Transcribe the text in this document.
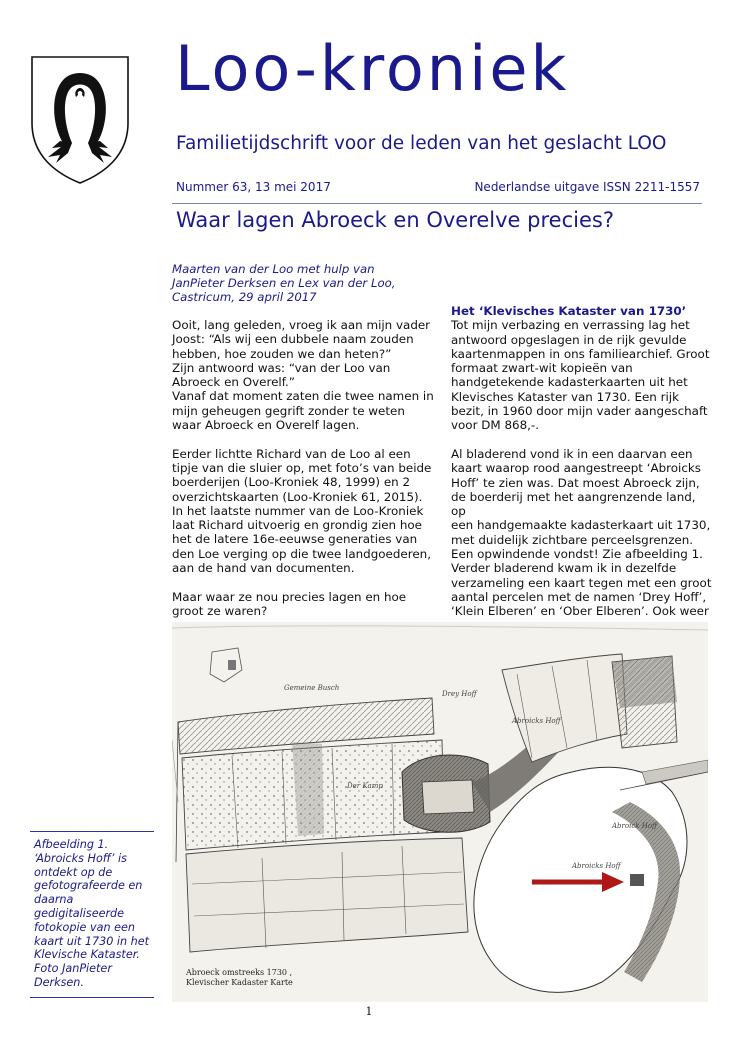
Loo-kroniek
Familietijdschrift voor de leden van het geslacht LOO
Nummer 63, 13 mei 2017	Nederlandse uitgave ISSN 2211-1557
Waar lagen Abroeck en Overelve precies?
Maarten van der Loo met hulp van
JanPieter Derksen en Lex van der Loo,
Castricum, 29 april 2017

Ooit, lang geleden, vroeg ik aan mijn vader
Joost: “Als wij een dubbele naam zouden
hebben, hoe zouden we dan heten?”
Zijn antwoord was: “van der Loo van
Abroeck en Overelf.”
Vanaf dat moment zaten die twee namen in
mijn geheugen gegrift zonder te weten
waar Abroeck en Overelf lagen.

Eerder lichtte Richard van de Loo al een
tipje van die sluier op, met foto’s van beide
boerderijen (Loo-Kroniek 48, 1999) en 2
overzichtskaarten (Loo-Kroniek 61, 2015).
In het laatste nummer van de Loo-Kroniek
laat Richard uitvoerig en grondig zien hoe
het de latere 16e-eeuwse generaties van
den Loe verging op die twee landgoederen,
aan de hand van documenten.

Maar waar ze nou precies lagen en hoe
groot ze waren?

Het ‘Klevisches Kataster van 1730’

Tot mijn verbazing en verrassing lag het
antwoord opgeslagen in de rijk gevulde
kaartenmappen in ons familiearchief. Groot
formaat zwart-wit kopieën van
handgetekende kadasterkaarten uit het
Klevisches Kataster van 1730. Een rijk
bezit, in 1960 door mijn vader aangeschaft
voor DM 868,-.

Al bladerend vond ik in een daarvan een
kaart waarop rood aangestreept ‘Abroicks
Hoff’ te zien was. Dat moest Abroeck zijn,
de boerderij met het aangrenzende land, op
een handgemaakte kadasterkaart uit 1730,
met duidelijk zichtbare perceelsgrenzen.
Een opwindende vondst! Zie afbeelding 1.
Verder bladerend kwam ik in dezelfde
verzameling een kaart tegen met een groot
aantal percelen met de namen ‘Drey Hoff’,
‘Klein Elberen’ en ‘Ober Elberen’. Ook weer

Gemeine Busch
Drey Hoff
Abroicks Hoff
Der Kamp
Abroicks Hoff
Abroick Hoff
Abroeck omstreeks 1730 ,
Klevischer Kadaster Karte
Afbeelding 1.
‘Abroicks Hoff’ is
ontdekt op de
gefotografeerde en
daarna
gedigitaliseerde
fotokopie van een
kaart uit 1730 in het
Klevische Kataster.
Foto JanPieter
Derksen.
1
